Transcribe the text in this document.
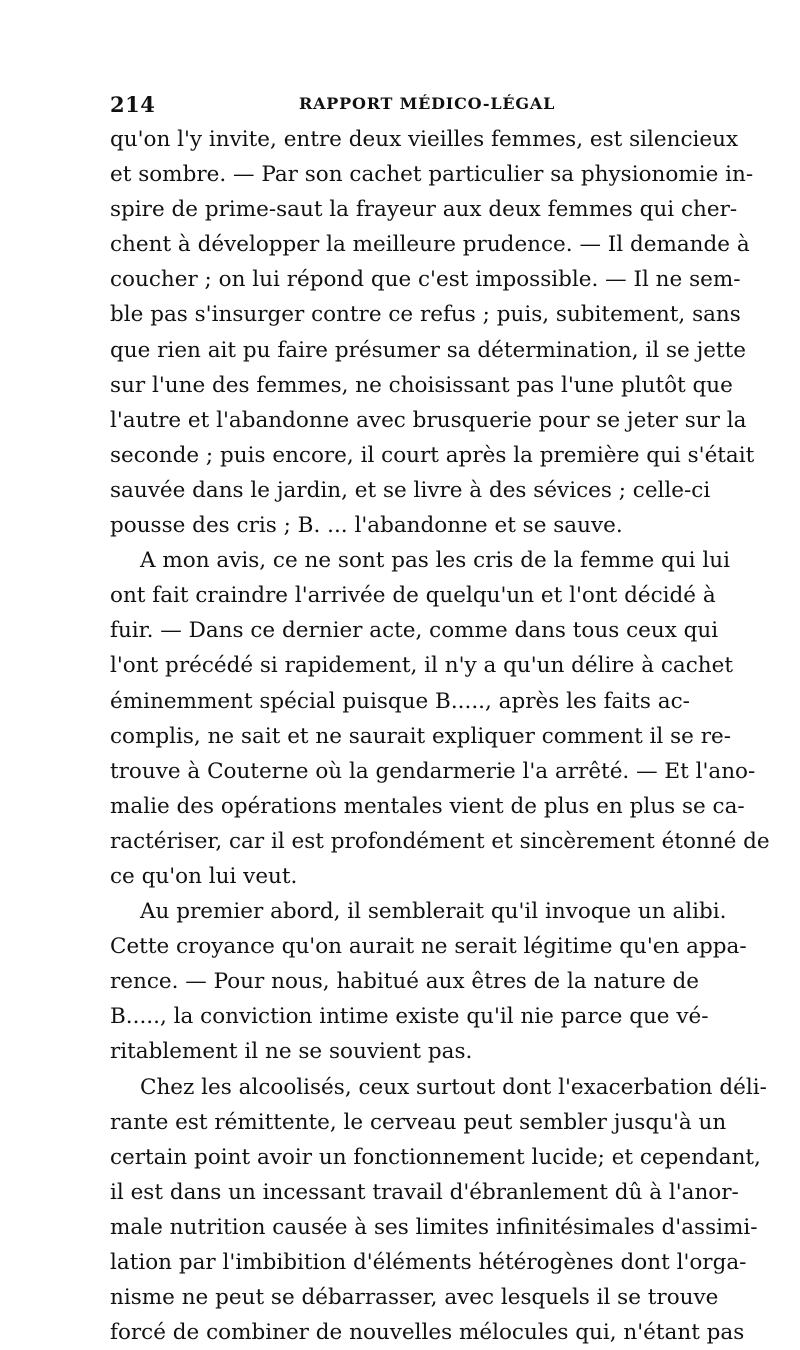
214	RAPPORT MÉDICO-LÉGAL
qu'on l'y invite, entre deux vieilles femmes, est silencieux
et sombre. — Par son cachet particulier sa physionomie in-
spire de prime-saut la frayeur aux deux femmes qui cher-
chent à développer la meilleure prudence. — Il demande à
coucher ; on lui répond que c'est impossible. — Il ne sem-
ble pas s'insurger contre ce refus ; puis, subitement, sans
que rien ait pu faire présumer sa détermination, il se jette
sur l'une des femmes, ne choisissant pas l'une plutôt que
l'autre et l'abandonne avec brusquerie pour se jeter sur la
seconde ; puis encore, il court après la première qui s'était
sauvée dans le jardin, et se livre à des sévices ; celle-ci
pousse des cris ; B. ... l'abandonne et se sauve.
A mon avis, ce ne sont pas les cris de la femme qui lui
ont fait craindre l'arrivée de quelqu'un et l'ont décidé à
fuir. — Dans ce dernier acte, comme dans tous ceux qui
l'ont précédé si rapidement, il n'y a qu'un délire à cachet
éminemment spécial puisque B....., après les faits ac-
complis, ne sait et ne saurait expliquer comment il se re-
trouve à Couterne où la gendarmerie l'a arrêté. — Et l'ano-
malie des opérations mentales vient de plus en plus se ca-
ractériser, car il est profondément et sincèrement étonné de
ce qu'on lui veut.
Au premier abord, il semblerait qu'il invoque un alibi.
Cette croyance qu'on aurait ne serait légitime qu'en appa-
rence. — Pour nous, habitué aux êtres de la nature de
B....., la conviction intime existe qu'il nie parce que vé-
ritablement il ne se souvient pas.
Chez les alcoolisés, ceux surtout dont l'exacerbation déli-
rante est rémittente, le cerveau peut sembler jusqu'à un
certain point avoir un fonctionnement lucide; et cependant,
il est dans un incessant travail d'ébranlement dû à l'anor-
male nutrition causée à ses limites infinitésimales d'assimi-
lation par l'imbibition d'éléments hétérogènes dont l'orga-
nisme ne peut se débarrasser, avec lesquels il se trouve
forcé de combiner de nouvelles mélocules qui, n'étant pas
